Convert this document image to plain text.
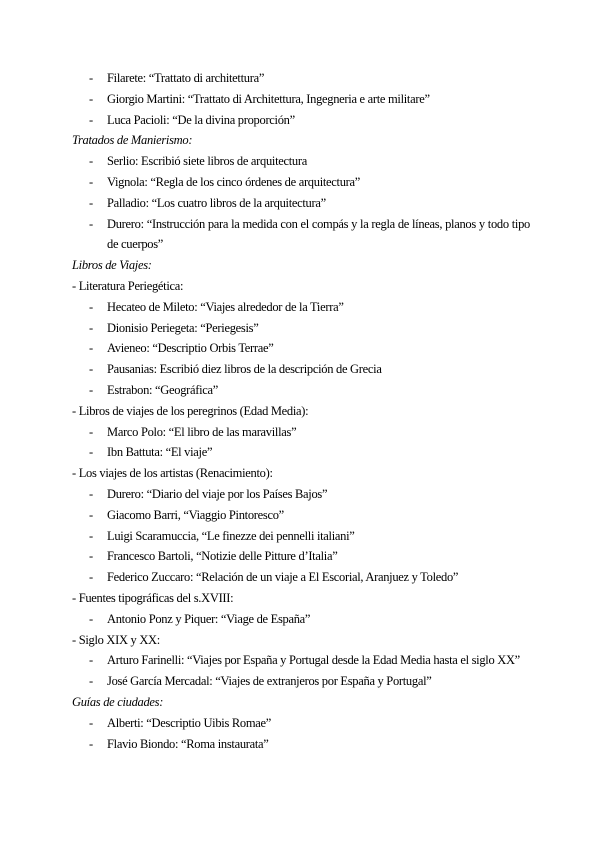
- Filarete: “Trattato di architettura”
- Giorgio Martini: “Trattato di Architettura, Ingegneria e arte militare”
- Luca Pacioli: “De la divina proporción”
Tratados de Manierismo:
- Serlio: Escribió siete libros de arquitectura
- Vignola: “Regla de los cinco órdenes de arquitectura”
- Palladio: “Los cuatro libros de la arquitectura”
- Durero: “Instrucción para la medida con el compás y la regla de líneas, planos y todo tipo de cuerpos”
Libros de Viajes:
- Literatura Periegética:
- Hecateo de Mileto: “Viajes alrededor de la Tierra”
- Dionisio Periegeta: “Periegesis”
- Avieneo: “Descriptio Orbis Terrae”
- Pausanias: Escribió diez libros de la descripción de Grecia
- Estrabon: “Geográfica”
- Libros de viajes de los peregrinos (Edad Media):
- Marco Polo: “El libro de las maravillas”
- Ibn Battuta: “El viaje”
- Los viajes de los artistas (Renacimiento):
- Durero: “Diario del viaje por los Países Bajos”
- Giacomo Barri, “Viaggio Pintoresco”
- Luigi Scaramuccia, “Le finezze dei pennelli italiani”
- Francesco Bartoli, “Notizie delle Pitture d’Italia”
- Federico Zuccaro: “Relación de un viaje a El Escorial, Aranjuez y Toledo”
- Fuentes tipográficas del s.XVIII:
- Antonio Ponz y Piquer: “Viage de España”
- Siglo XIX y XX:
- Arturo Farinelli: “Viajes por España y Portugal desde la Edad Media hasta el siglo XX”
- José García Mercadal: “Viajes de extranjeros por España y Portugal”
Guías de ciudades:
- Alberti: “Descriptio Uibis Romae”
- Flavio Biondo: “Roma instaurata”
